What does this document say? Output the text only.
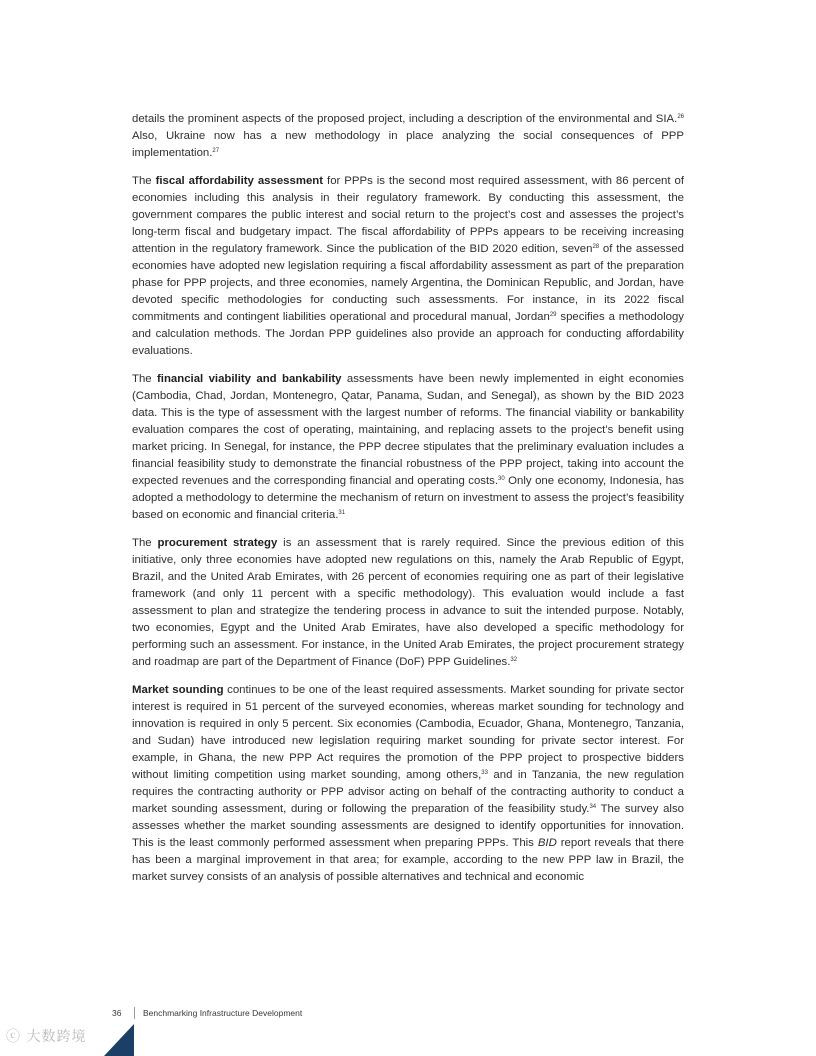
details the prominent aspects of the proposed project, including a description of the environmental and SIA.$^{26}$ Also, Ukraine now has a new methodology in place analyzing the social consequences of PPP implementation.$^{27}$

The fiscal affordability assessment for PPPs is the second most required assessment, with 86 percent of economies including this analysis in their regulatory framework. By conducting this assessment, the government compares the public interest and social return to the project’s cost and assesses the project’s long-term fiscal and budgetary impact. The fiscal affordability of PPPs appears to be receiving increasing attention in the regulatory framework. Since the publication of the BID 2020 edition, seven$^{28}$ of the assessed economies have adopted new legislation requiring a fiscal affordability assessment as part of the preparation phase for PPP projects, and three economies, namely Argentina, the Dominican Republic, and Jordan, have devoted specific methodologies for conducting such assessments. For instance, in its 2022 fiscal commitments and contingent liabilities operational and procedural manual, Jordan$^{29}$ specifies a methodology and calculation methods. The Jordan PPP guidelines also provide an approach for conducting affordability evaluations.

The financial viability and bankability assessments have been newly implemented in eight economies (Cambodia, Chad, Jordan, Montenegro, Qatar, Panama, Sudan, and Senegal), as shown by the BID 2023 data. This is the type of assessment with the largest number of reforms. The financial viability or bankability evaluation compares the cost of operating, maintaining, and replacing assets to the project’s benefit using market pricing. In Senegal, for instance, the PPP decree stipulates that the preliminary evaluation includes a financial feasibility study to demonstrate the financial robustness of the PPP project, taking into account the expected revenues and the corresponding financial and operating costs.$^{30}$ Only one economy, Indonesia, has adopted a methodology to determine the mechanism of return on investment to assess the project’s feasibility based on economic and financial criteria.$^{31}$

The procurement strategy is an assessment that is rarely required. Since the previous edition of this initiative, only three economies have adopted new regulations on this, namely the Arab Republic of Egypt, Brazil, and the United Arab Emirates, with 26 percent of economies requiring one as part of their legislative framework (and only 11 percent with a specific methodology). This evaluation would include a fast assessment to plan and strategize the tendering process in advance to suit the intended purpose. Notably, two economies, Egypt and the United Arab Emirates, have also developed a specific methodology for performing such an assessment. For instance, in the United Arab Emirates, the project procurement strategy and roadmap are part of the Department of Finance (DoF) PPP Guidelines.$^{32}$

Market sounding continues to be one of the least required assessments. Market sounding for private sector interest is required in 51 percent of the surveyed economies, whereas market sounding for technology and innovation is required in only 5 percent. Six economies (Cambodia, Ecuador, Ghana, Montenegro, Tanzania, and Sudan) have introduced new legislation requiring market sounding for private sector interest. For example, in Ghana, the new PPP Act requires the promotion of the PPP project to prospective bidders without limiting competition using market sounding, among others,$^{33}$ and in Tanzania, the new regulation requires the contracting authority or PPP advisor acting on behalf of the contracting authority to conduct a market sounding assessment, during or following the preparation of the feasibility study.$^{34}$ The survey also assesses whether the market sounding assessments are designed to identify opportunities for innovation. This is the least commonly performed assessment when preparing PPPs. This BID report reveals that there has been a marginal improvement in that area; for example, according to the new PPP law in Brazil, the market survey consists of an analysis of possible alternatives and technical and economic

36	Benchmarking Infrastructure Development
ⓒ 大数跨境
